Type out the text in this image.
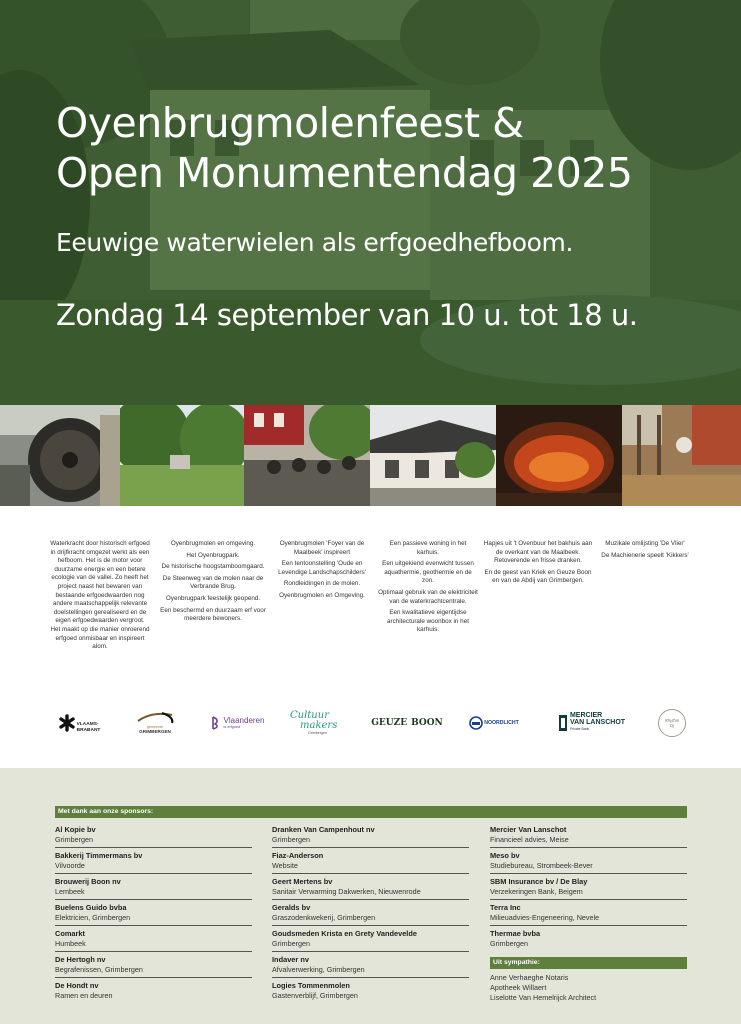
Oyenbrugmolenfeest &
Open Monumentendag 2025
Eeuwige waterwielen als erfgoedhefboom.
Zondag 14 september van 10 u. tot 18 u.

Waterkracht door historisch erfgoed in drijfkracht omgezet werkt als een hefboom. Het is de motor voor duurzame energie en een betere ecologie van de vallei. Zo heeft het project naast het bewaren van bestaande erfgoedwaarden nog andere maatschappelijk relevante doelstellingen gerealiseerd en de eigen erfgoedwaarden vergroot. Het maakt op die manier onroerend erfgoed onmisbaar en inspireert alom.

Oyenbrugmolen en omgeving.

Het Oyenbrugpark.

De historische hoogstamboomgaard.

De Steenweg van de molen naar de Verbrande Brug.

Oyenbrugpark feestelijk geopend.

Een beschermd en duurzaam erf voor meerdere bewoners.

Oyenbrugmolen 'Foyer van de Maalbeek' inspireert

Een tentoonstelling 'Oude en Levendige Landschapschilders'

Rondleidingen in de molen.

Oyenbrugmolen en Omgeving.

Een passieve woning in het karhuis.

Een uitgekiend evenwicht tussen aquathermie, geothermie en de zon.

Optimaal gebruik van de elektriciteit van de waterkrachtcentrale.

Een kwalitatieve eigentijdse architecturale woonbox in het karhuis.

Hapjes uit 't Ovenbuur het bakhuis aan de overkant van de Maalbeek. Retoverende en frisse dranken.

En de geest van Kriek en Geuze Boon en van de Abdij van Grimbergen.

Muzikale omlijsting 'De Vlier'

De Machienerie speelt 'Kikkers'

VLAAMS-
BRABANT
gemeente
GRIMBERGEN
Vlaanderen
is erfgoed
Cultuur
makers
Grimbergen
GEUZE BOON	NOORDLICHT
MERCIER
VAN LANSCHOT
Private Bank
Rhythm
Dj
Met dank aan onze sponsors:
Al Kopie bv
Grimbergen
Bakkerij Timmermans bv
Vilvoorde
Brouwerij Boon nv
Lembeek
Buelens Guido bvba
Elektricien, Grimbergen
Comarkt
Humbeek
De Hertogh nv
Begrafenissen, Grimbergen
De Hondt nv
Ramen en deuren
Dranken Van Campenhout nv
Grimbergen
Fiaz-Anderson
Website
Geert Mertens bv
Sanitair Verwarming Dakwerken, Nieuwenrode
Geralds bv
Graszodenkwekerij, Grimbergen
Goudsmeden Krista en Grety Vandevelde
Grimbergen
Indaver nv
Afvalverwerking, Grimbergen
Logies Tommenmolen
Gastenverblijf, Grimbergen
Mercier Van Lanschot
Financieel advies, Meise
Meso bv
Studiebureau, Strombeek-Bever
SBM Insurance bv / De Blay
Verzekeringen Bank, Beigem
Terra Inc
Milieuadvies-Engeneering, Nevele
Thermae bvba
Grimbergen
Uit sympathie:
Anne Verhaeghe Notaris
Apotheek Willaert
Liselotte Van Hemelrijck Architect
